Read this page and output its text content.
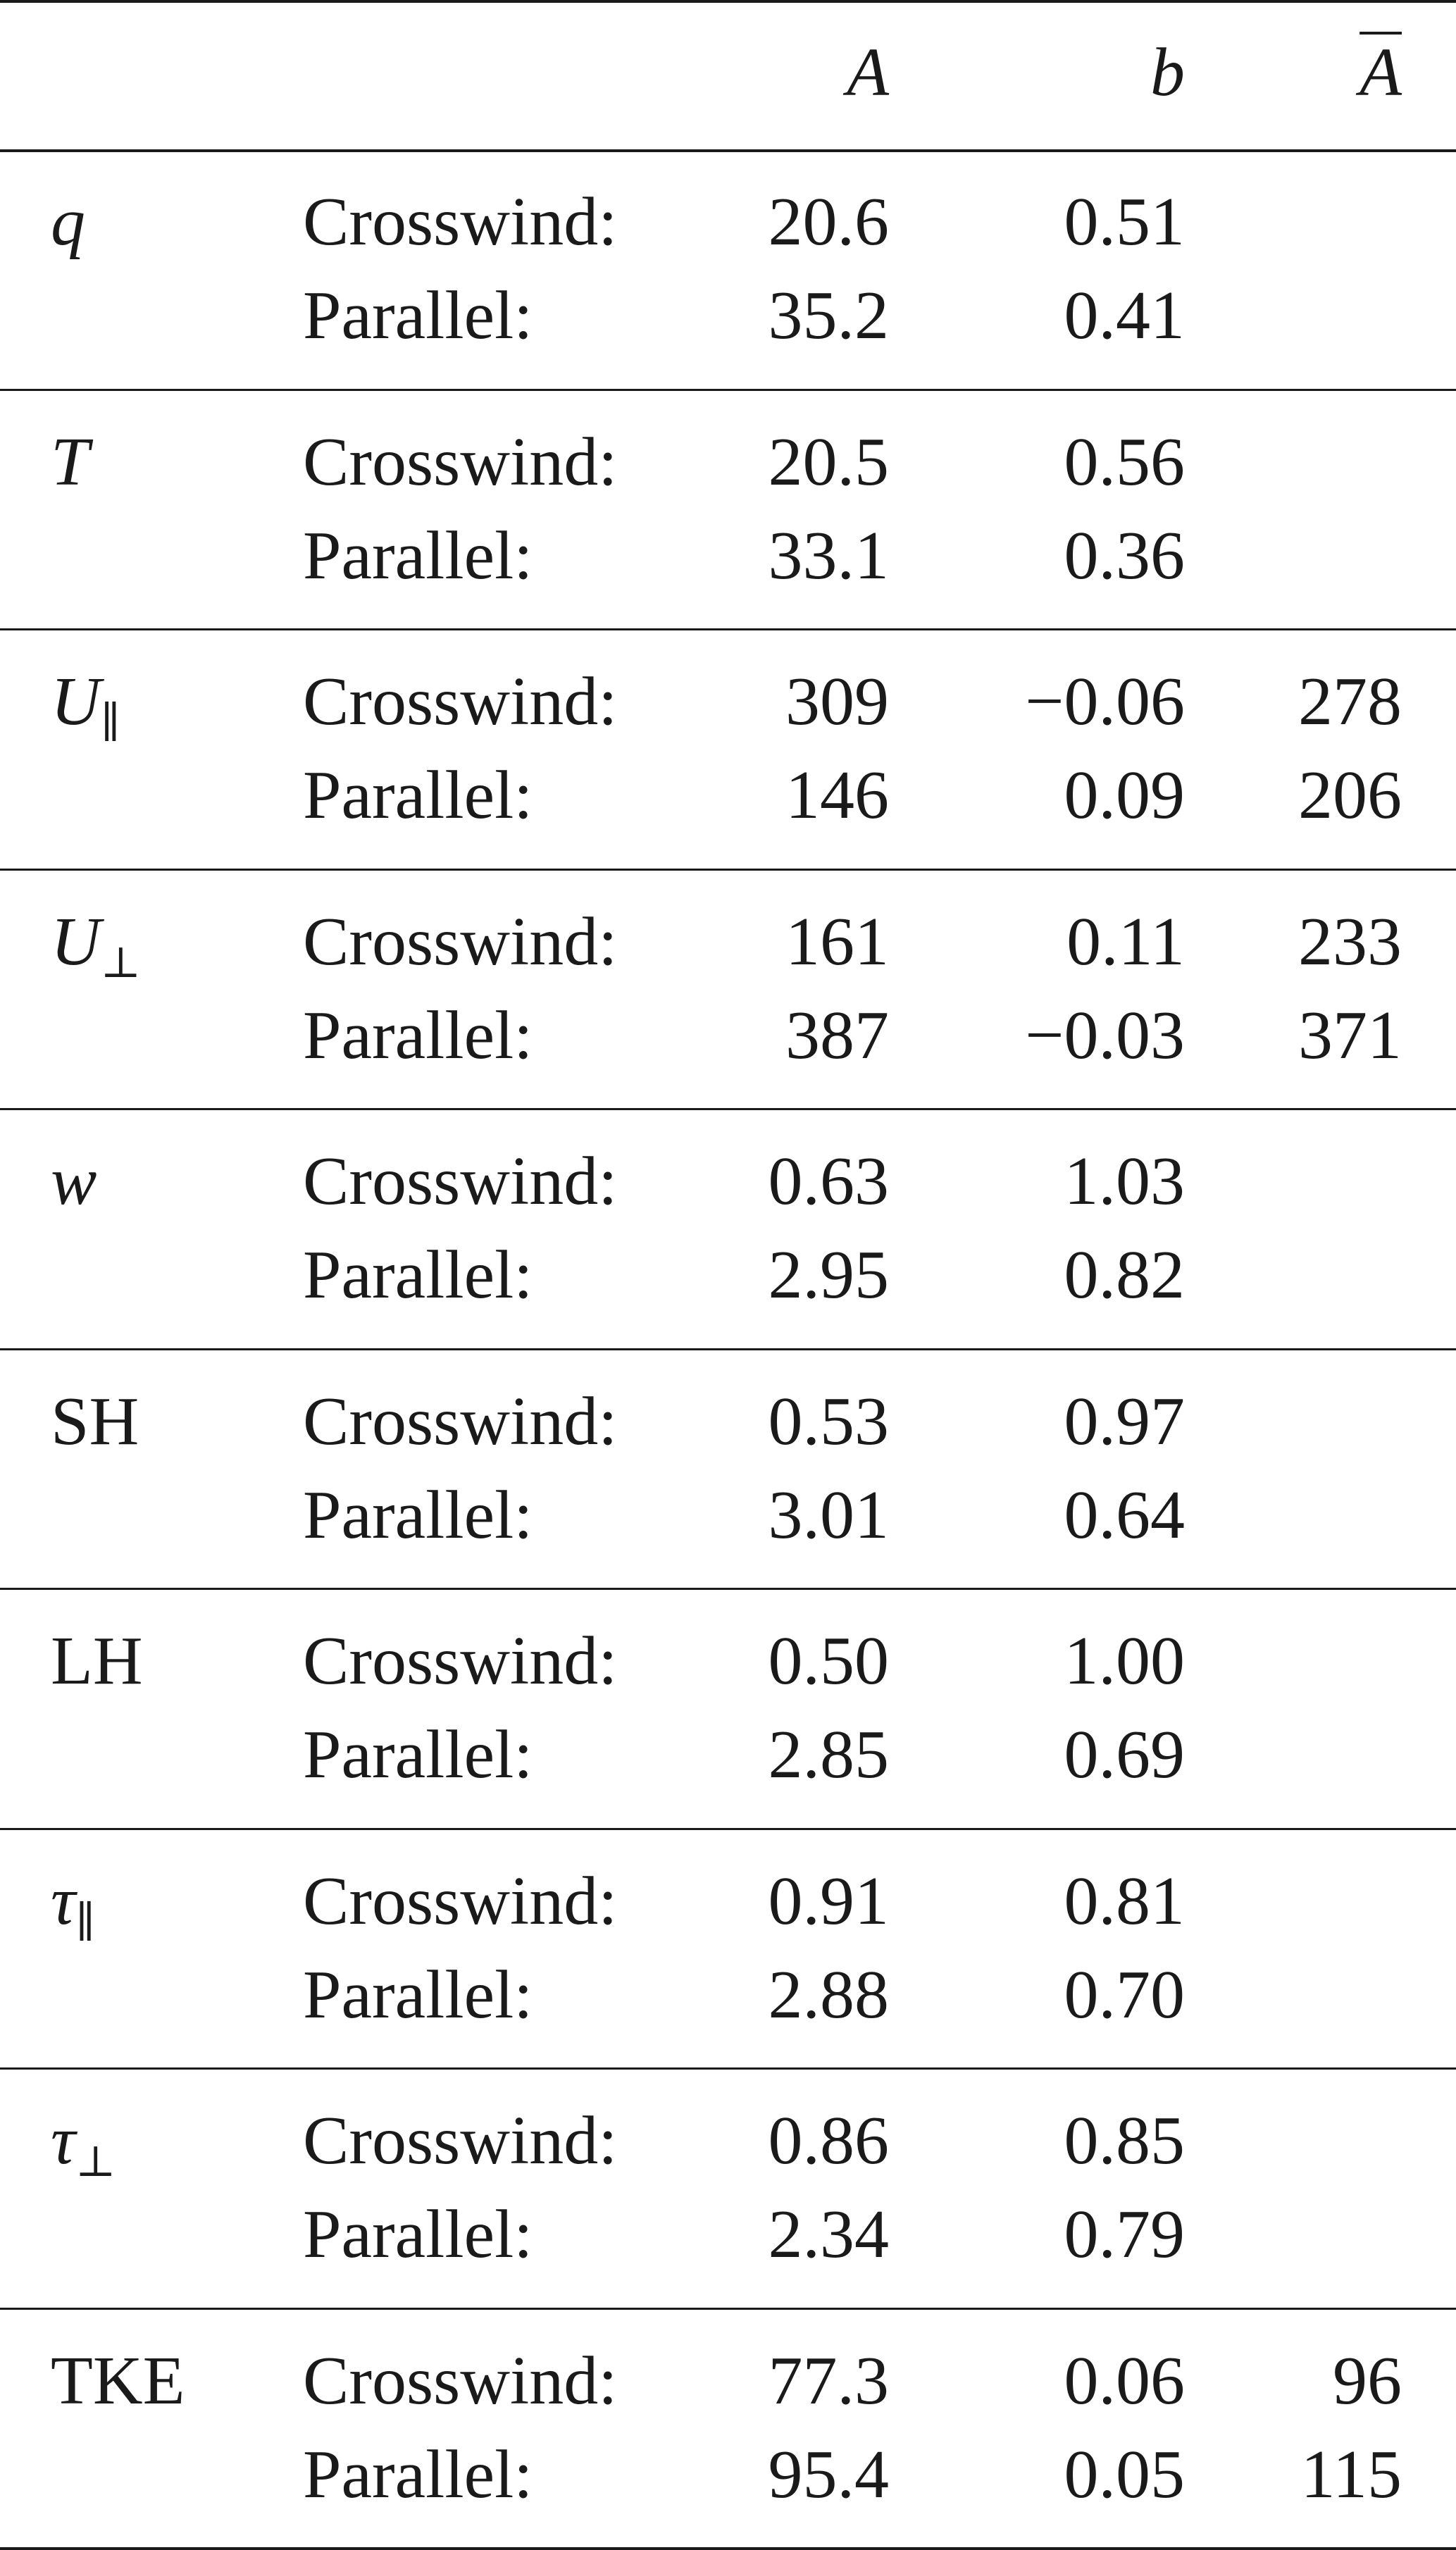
A	b	$\overline{A}$
q	Crosswind: 20.6	0.51
Parallel:	35.2	0.41
T	Crosswind: 20.5	0.56
Parallel:	33.1	0.36
$U_\parallel$	Crosswind: 309 −0.06 278
Parallel:	146	0.09 206
$U_\perp$ Crosswind: 161	0.11 233
Parallel:	387 −0.03 371
w	Crosswind: 0.63	1.03
Parallel:	2.95	0.82
SH Crosswind: 0.53	0.97
Parallel:	3.01	0.64
LH Crosswind: 0.50	1.00
Parallel:	2.85	0.69
$\tau_\parallel$	Crosswind: 0.91	0.81
Parallel:	2.88	0.70
$\tau_\perp$	Crosswind: 0.86	0.85
Parallel:	2.34	0.79
TKE Crosswind: 77.3	0.06 96
Parallel:	95.4	0.05 115
